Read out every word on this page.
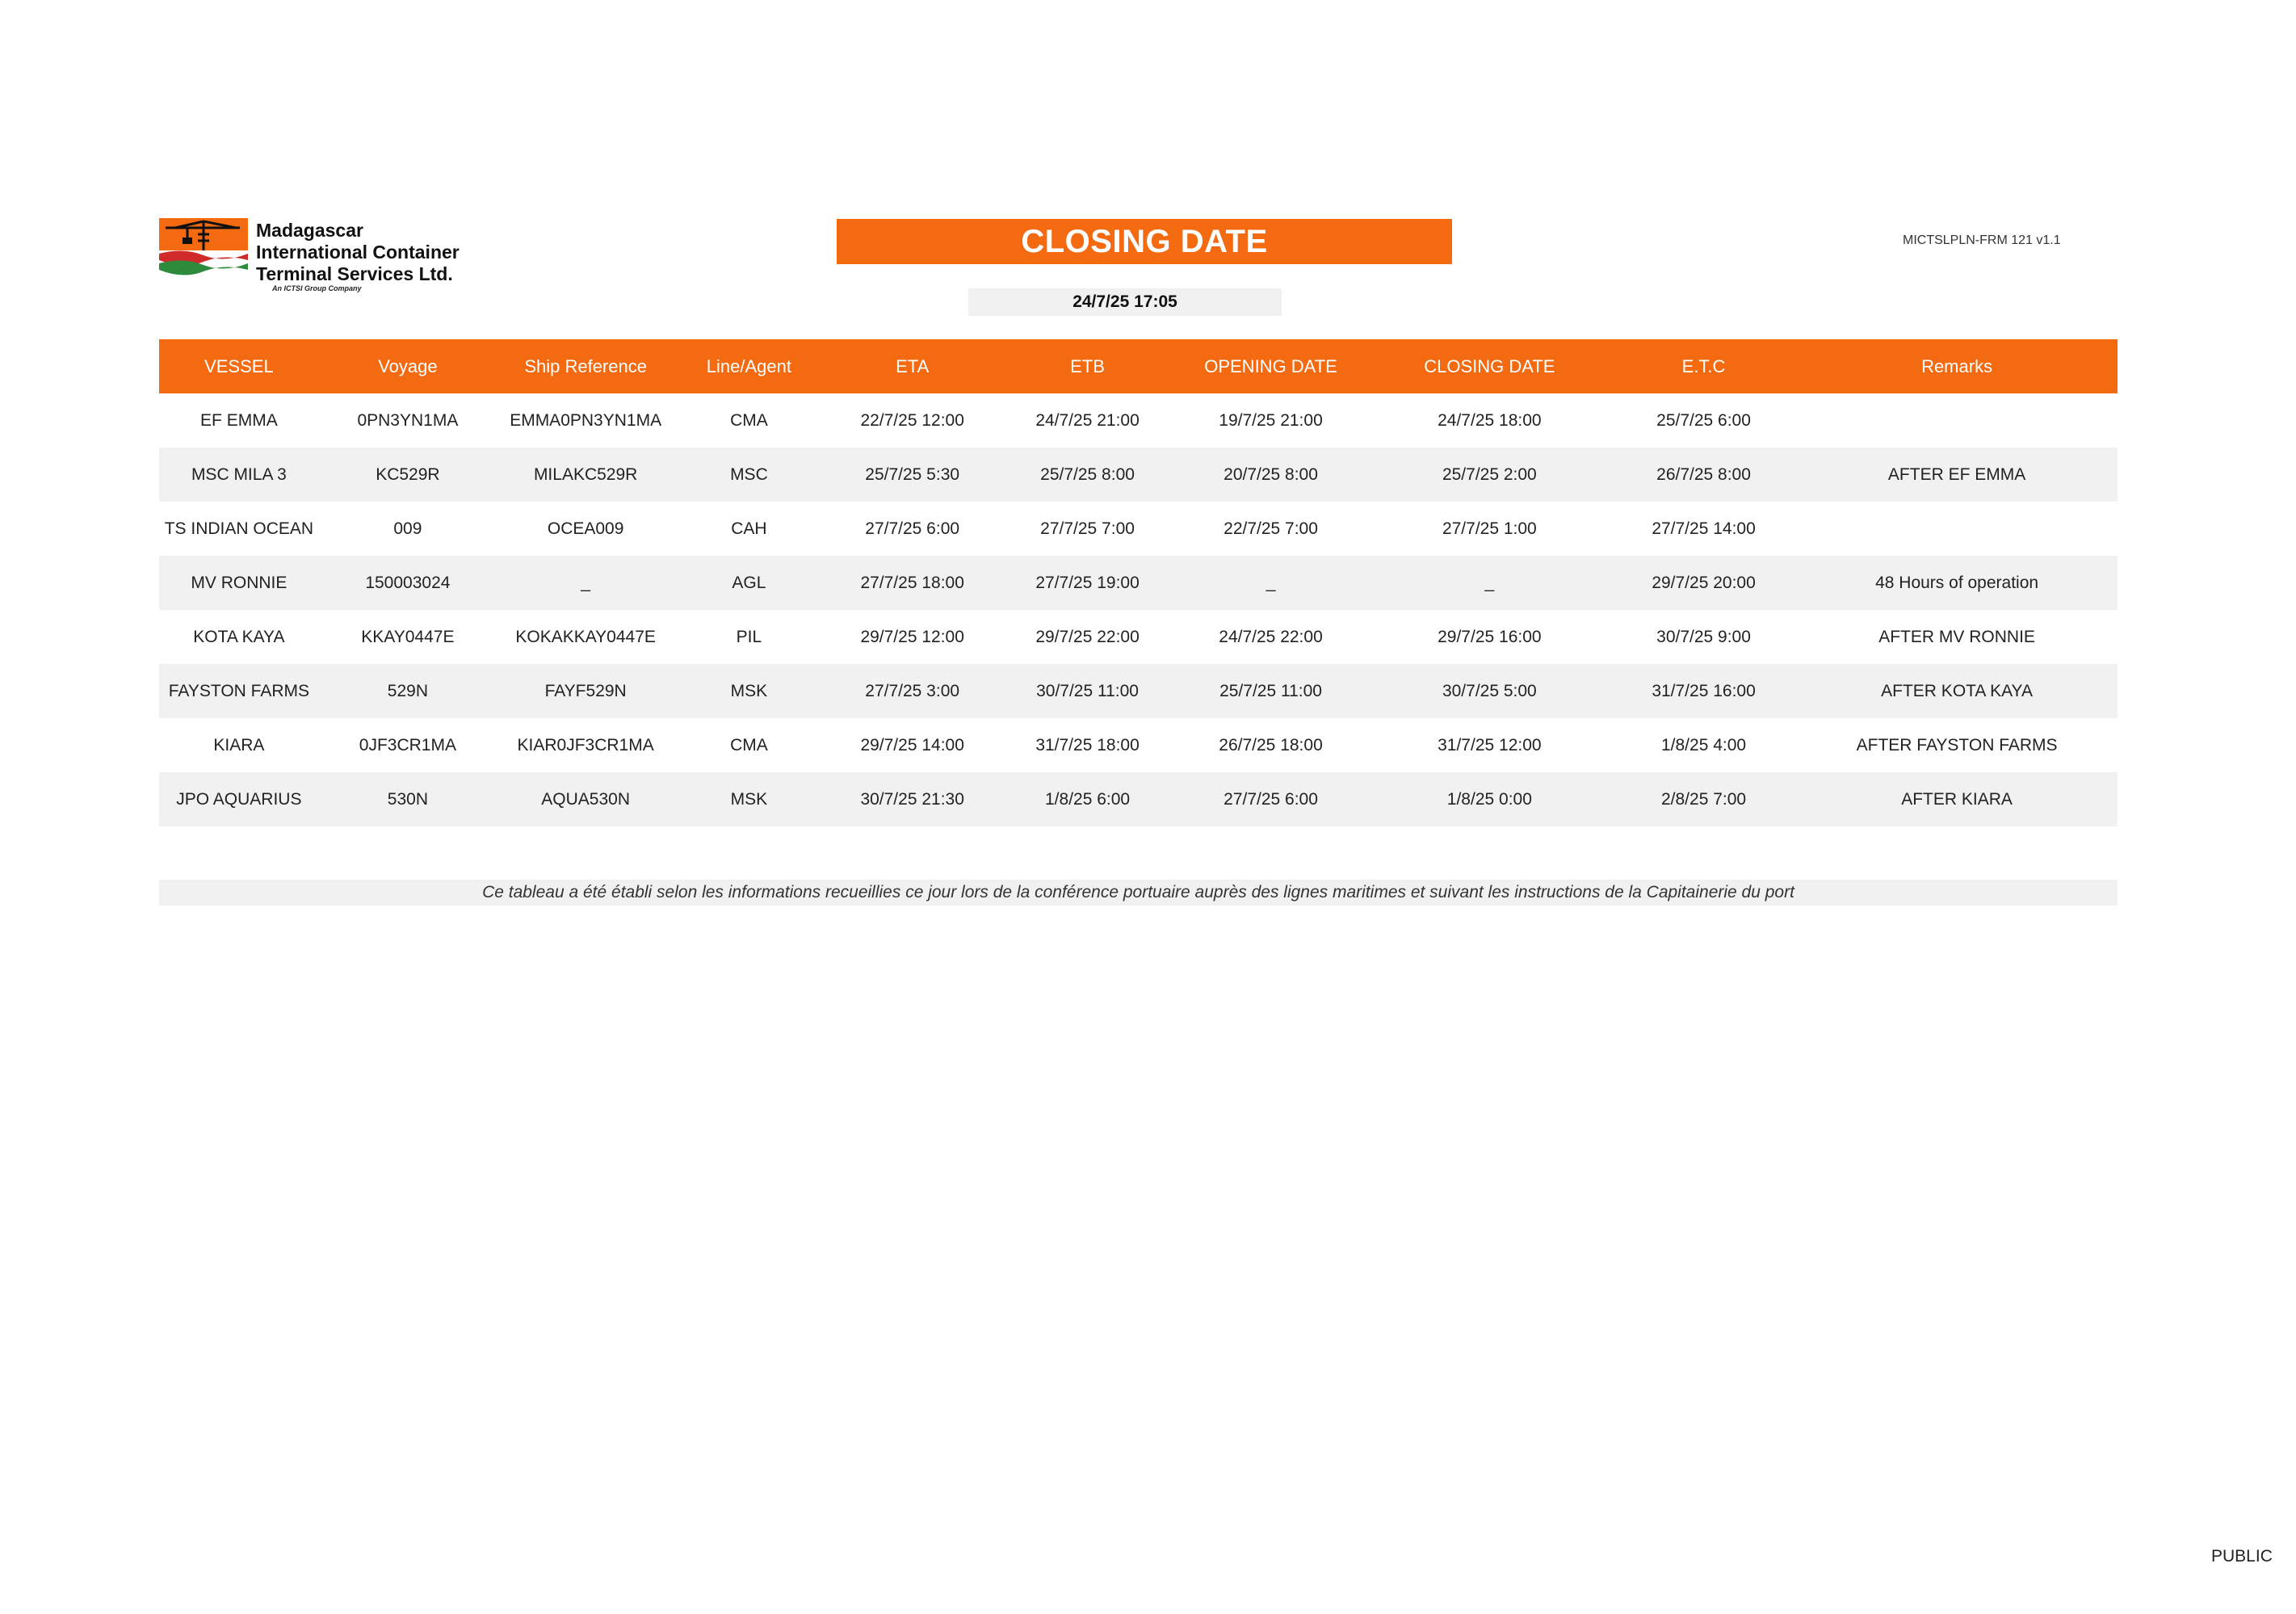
Madagascar
International Container
Terminal Services Ltd.
An ICTSI Group Company
CLOSING DATE	MICTSLPLN-FRM 121 v1.1
24/7/25 17:05
VESSEL	Voyage	Ship Reference	Line/Agent	ETA	ETB	OPENING DATE	CLOSING DATE	E.T.C	Remarks
EF EMMA	0PN3YN1MA	EMMA0PN3YN1MA	CMA	22/7/25 12:00	24/7/25 21:00	19/7/25 21:00	24/7/25 18:00	25/7/25 6:00	
MSC MILA 3	KC529R	MILAKC529R	MSC	25/7/25 5:30	25/7/25 8:00	20/7/25 8:00	25/7/25 2:00	26/7/25 8:00	AFTER EF EMMA
TS INDIAN OCEAN	009	OCEA009	CAH	27/7/25 6:00	27/7/25 7:00	22/7/25 7:00	27/7/25 1:00	27/7/25 14:00	
MV RONNIE	150003024	_	AGL	27/7/25 18:00	27/7/25 19:00	_	_	29/7/25 20:00	48 Hours of operation
KOTA KAYA	KKAY0447E	KOKAKKAY0447E	PIL	29/7/25 12:00	29/7/25 22:00	24/7/25 22:00	29/7/25 16:00	30/7/25 9:00	AFTER MV RONNIE
FAYSTON FARMS	529N	FAYF529N	MSK	27/7/25 3:00	30/7/25 11:00	25/7/25 11:00	30/7/25 5:00	31/7/25 16:00	AFTER KOTA KAYA
KIARA	0JF3CR1MA	KIAR0JF3CR1MA	CMA	29/7/25 14:00	31/7/25 18:00	26/7/25 18:00	31/7/25 12:00	1/8/25 4:00	AFTER FAYSTON FARMS
JPO AQUARIUS	530N	AQUA530N	MSK	30/7/25 21:30	1/8/25 6:00	27/7/25 6:00	1/8/25 0:00	2/8/25 7:00	AFTER KIARA
Ce tableau a été établi selon les informations recueillies ce jour lors de la conférence portuaire auprès des lignes maritimes et suivant les instructions de la Capitainerie du port
PUBLIC
